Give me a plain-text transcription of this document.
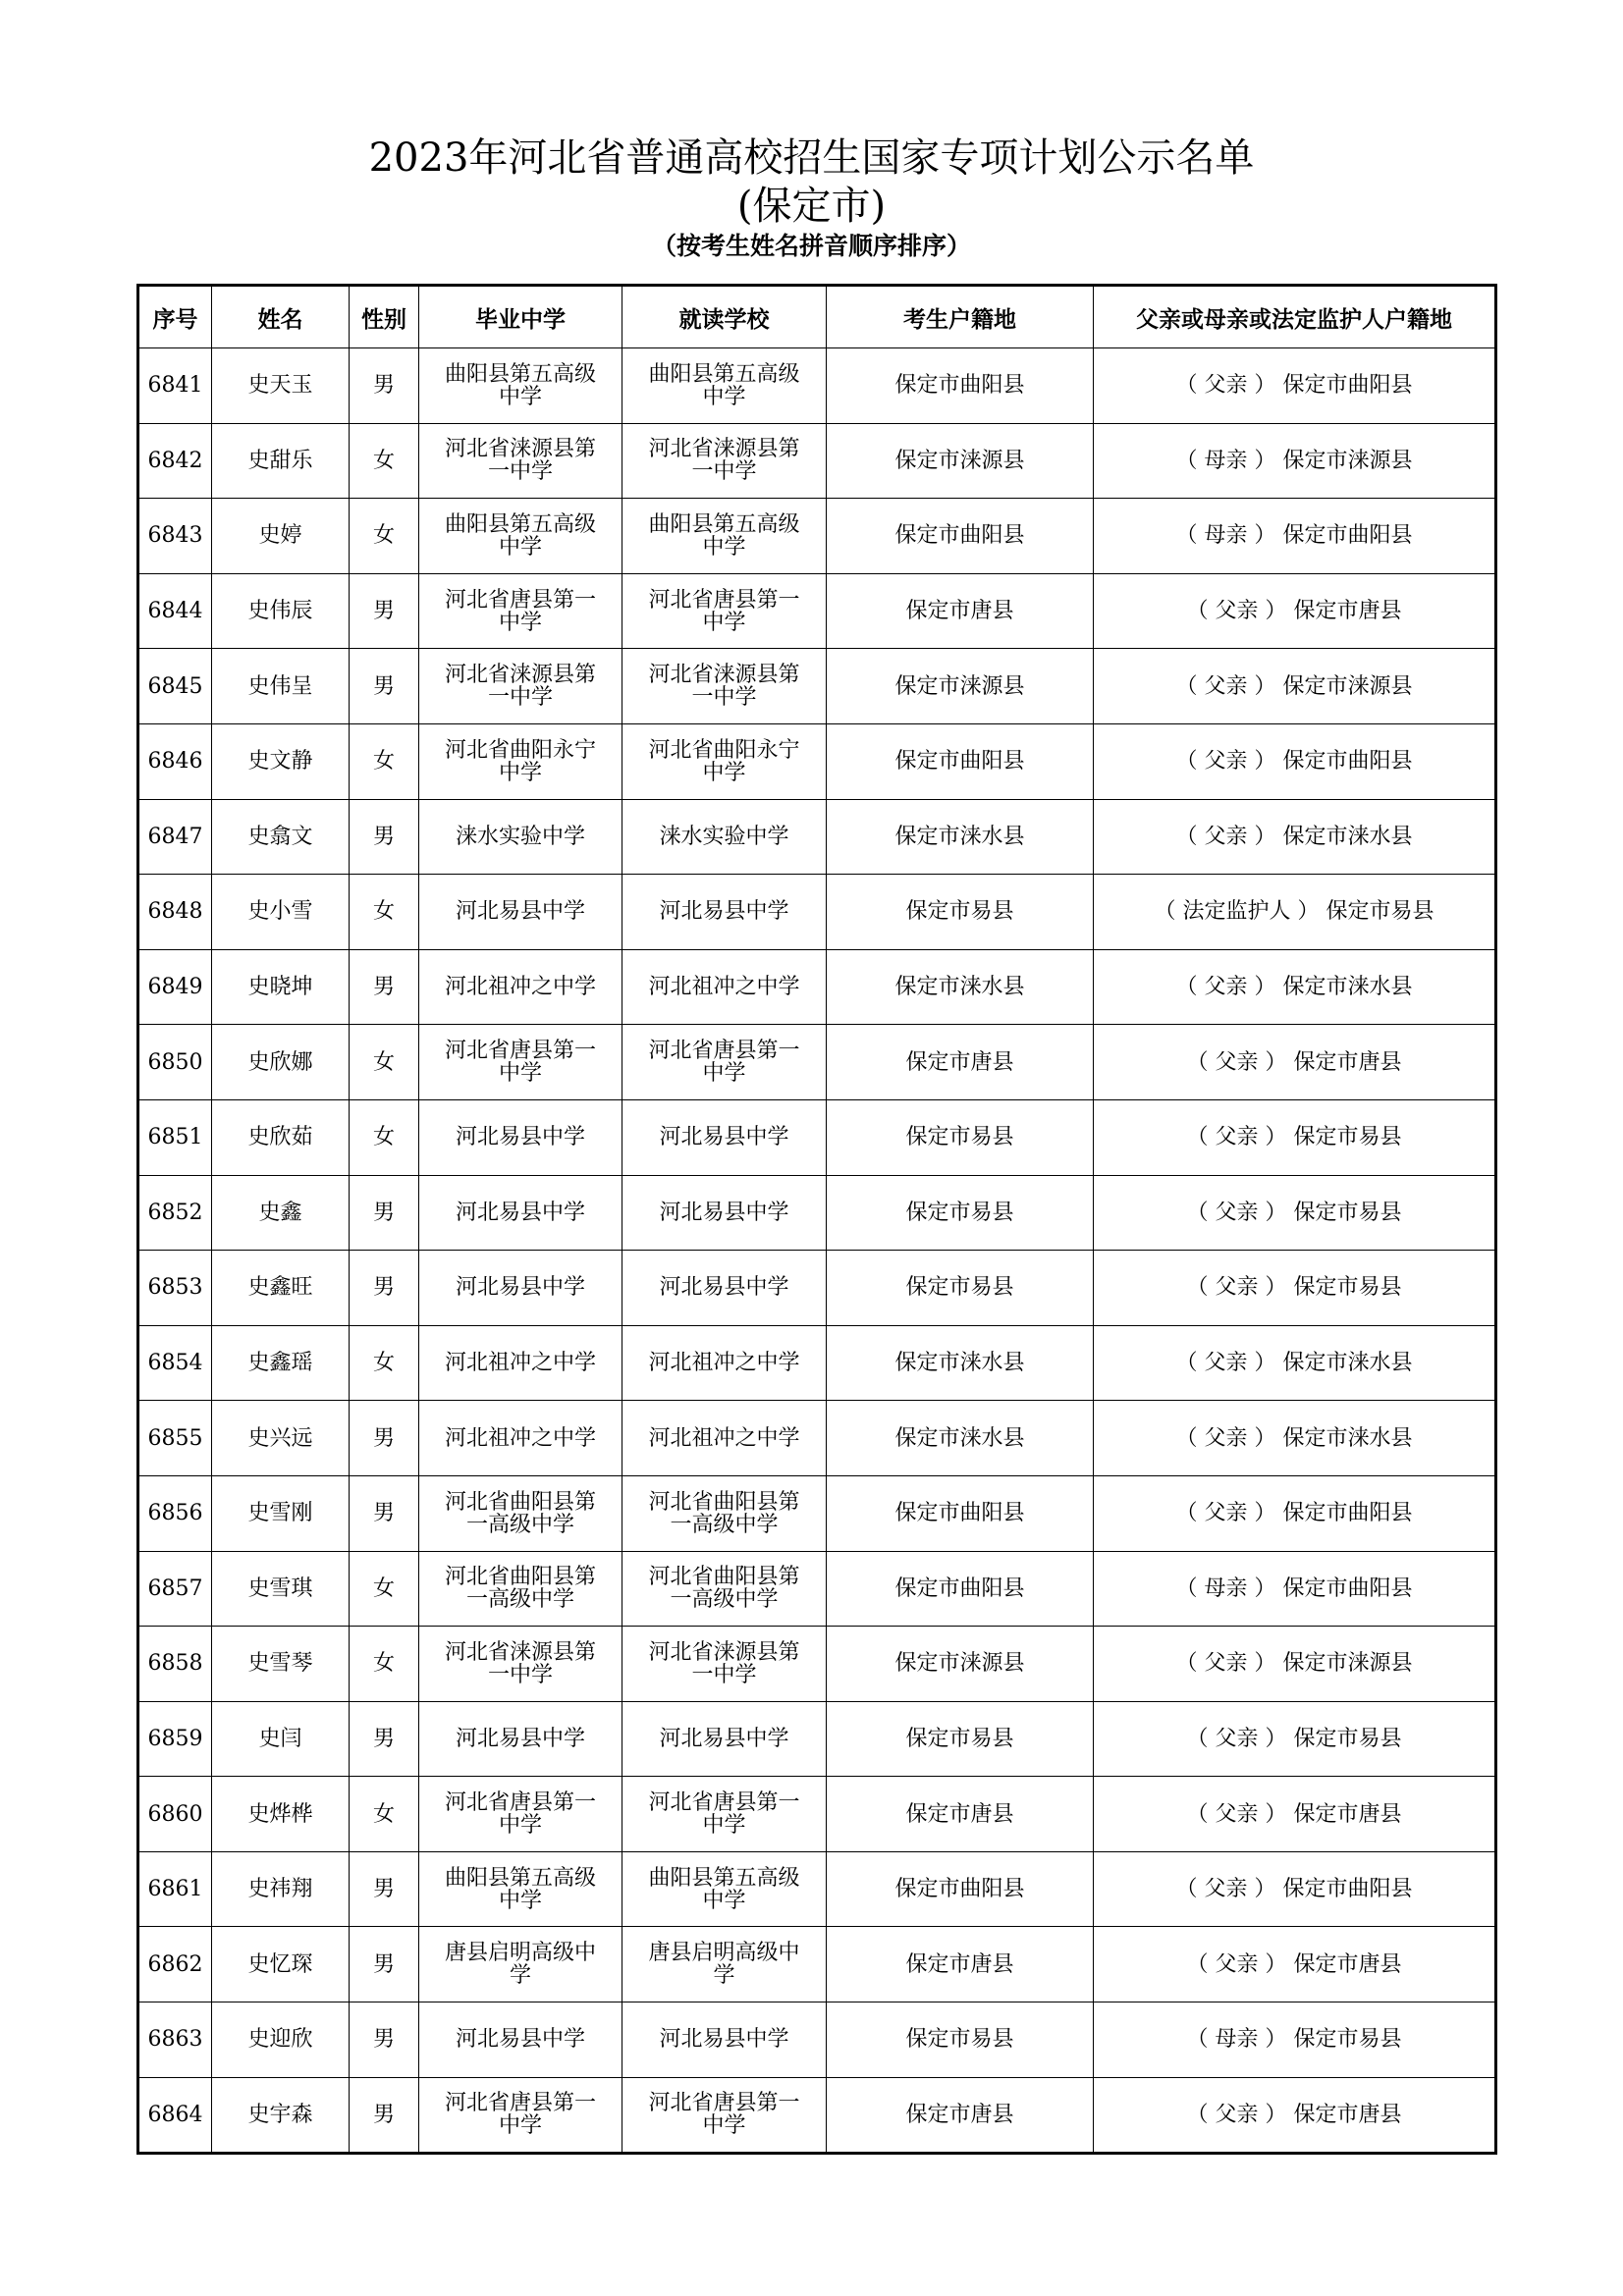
2023年河北省普通高校招生国家专项计划公示名单
(保定市)
（按考生姓名拼音顺序排序）
序号	姓名	性别	毕业中学	就读学校	考生户籍地	父亲或母亲或法定监护人户籍地
6841	史天玉	男	曲阳县第五高级中学	曲阳县第五高级中学	保定市曲阳县	（ 父亲 ） 保定市曲阳县
6842	史甜乐	女	河北省涞源县第一中学	河北省涞源县第一中学	保定市涞源县	（ 母亲 ） 保定市涞源县
6843	史婷	女	曲阳县第五高级中学	曲阳县第五高级中学	保定市曲阳县	（ 母亲 ） 保定市曲阳县
6844	史伟辰	男	河北省唐县第一中学	河北省唐县第一中学	保定市唐县	（ 父亲 ） 保定市唐县
6845	史伟呈	男	河北省涞源县第一中学	河北省涞源县第一中学	保定市涞源县	（ 父亲 ） 保定市涞源县
6846	史文静	女	河北省曲阳永宁中学	河北省曲阳永宁中学	保定市曲阳县	（ 父亲 ） 保定市曲阳县
6847	史翕文	男	涞水实验中学	涞水实验中学	保定市涞水县	（ 父亲 ） 保定市涞水县
6848	史小雪	女	河北易县中学	河北易县中学	保定市易县	（ 法定监护人 ） 保定市易县
6849	史晓坤	男	河北祖冲之中学	河北祖冲之中学	保定市涞水县	（ 父亲 ） 保定市涞水县
6850	史欣娜	女	河北省唐县第一中学	河北省唐县第一中学	保定市唐县	（ 父亲 ） 保定市唐县
6851	史欣茹	女	河北易县中学	河北易县中学	保定市易县	（ 父亲 ） 保定市易县
6852	史鑫	男	河北易县中学	河北易县中学	保定市易县	（ 父亲 ） 保定市易县
6853	史鑫旺	男	河北易县中学	河北易县中学	保定市易县	（ 父亲 ） 保定市易县
6854	史鑫瑶	女	河北祖冲之中学	河北祖冲之中学	保定市涞水县	（ 父亲 ） 保定市涞水县
6855	史兴远	男	河北祖冲之中学	河北祖冲之中学	保定市涞水县	（ 父亲 ） 保定市涞水县
6856	史雪刚	男	河北省曲阳县第一高级中学	河北省曲阳县第一高级中学	保定市曲阳县	（ 父亲 ） 保定市曲阳县
6857	史雪琪	女	河北省曲阳县第一高级中学	河北省曲阳县第一高级中学	保定市曲阳县	（ 母亲 ） 保定市曲阳县
6858	史雪琴	女	河北省涞源县第一中学	河北省涞源县第一中学	保定市涞源县	（ 父亲 ） 保定市涞源县
6859	史闫	男	河北易县中学	河北易县中学	保定市易县	（ 父亲 ） 保定市易县
6860	史烨桦	女	河北省唐县第一中学	河北省唐县第一中学	保定市唐县	（ 父亲 ） 保定市唐县
6861	史祎翔	男	曲阳县第五高级中学	曲阳县第五高级中学	保定市曲阳县	（ 父亲 ） 保定市曲阳县
6862	史忆琛	男	唐县启明高级中学	唐县启明高级中学	保定市唐县	（ 父亲 ） 保定市唐县
6863	史迎欣	男	河北易县中学	河北易县中学	保定市易县	（ 母亲 ） 保定市易县
6864	史宇森	男	河北省唐县第一中学	河北省唐县第一中学	保定市唐县	（ 父亲 ） 保定市唐县
